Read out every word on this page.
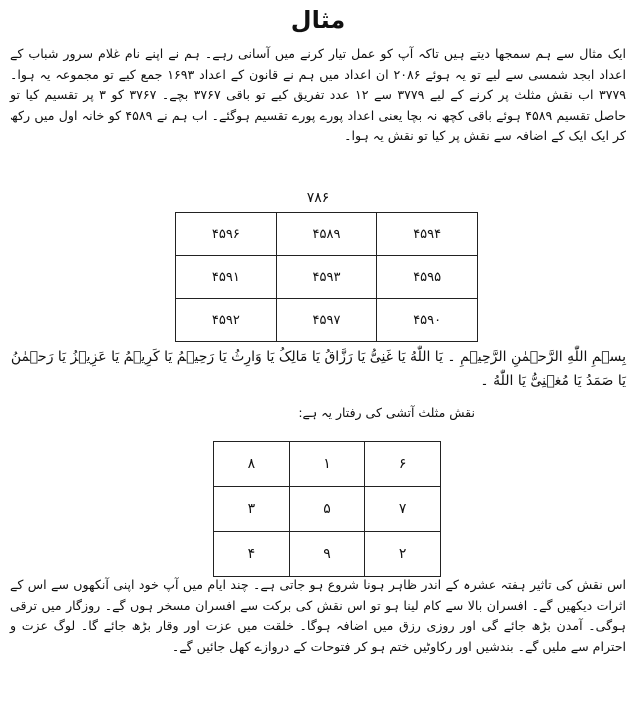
مثال

ایک مثال سے ہم سمجھا دیتے ہیں تاکہ آپ کو عمل تیار کرنے میں آسانی رہے۔ ہم نے اپنے نام غلام سرور شباب کے اعداد ابجد شمسی سے لیے تو یہ ہوئے ۲۰۸۶ ان اعداد میں ہم نے قانون کے اعداد ۱۶۹۳ جمع کیے تو مجموعہ یہ ہوا۔ ۳۷۷۹ اب نقش مثلث پر کرنے کے لیے ۳۷۷۹ سے ۱۲ عدد تفریق کیے تو باقی ۳۷۶۷ بچے۔ ۳۷۶۷ کو ۳ پر تقسیم کیا تو حاصل تقسیم ۴۵۸۹ ہوئے باقی کچھ نہ بچا یعنی اعداد پورے پورے تقسیم ہوگئے۔ اب ہم نے ۴۵۸۹ کو خانہ اول میں رکھ کر ایک ایک کے اضافہ سے نقش پر کیا تو نقش یہ ہوا۔

۷۸۶
۴۵۹۴	۴۵۸۹	۴۵۹۶
۴۵۹۵	۴۵۹۳	۴۵۹۱
۴۵۹۰	۴۵۹۷	۴۵۹۲

بِسۡمِ اللّٰهِ الرَّحۡمٰنِ الرَّحِیۡمِ ۔ یَا اللّٰهُ یَا غَنِیُّ یَا رَزَّاقُ یَا مَالِکُ یَا وَارِثُ یَا رَحِیۡمُ یَا کَرِیۡمُ یَا عَزِیۡزُ یَا رَحۡمٰنُ یَا صَمَدُ یَا مُغۡنِیُّ یَا اللّٰهُ ۔

نقش مثلث آتشی کی رفتار یہ ہے:
۶	۱	۸
۷	۵	۳
۲	۹	۴

اس نقش کی تاثیر ہفتہ عشرہ کے اندر ظاہر ہونا شروع ہو جاتی ہے۔ چند ایام میں آپ خود اپنی آنکھوں سے اس کے اثرات دیکھیں گے۔ افسران بالا سے کام لینا ہو تو اس نقش کی برکت سے افسران مسخر ہوں گے۔ روزگار میں ترقی ہوگی۔ آمدن بڑھ جائے گی اور روزی رزق میں اضافہ ہوگا۔ خلقت میں عزت اور وقار بڑھ جائے گا۔ لوگ عزت و احترام سے ملیں گے۔ بندشیں اور رکاوٹیں ختم ہو کر فتوحات کے دروازے کھل جائیں گے۔
